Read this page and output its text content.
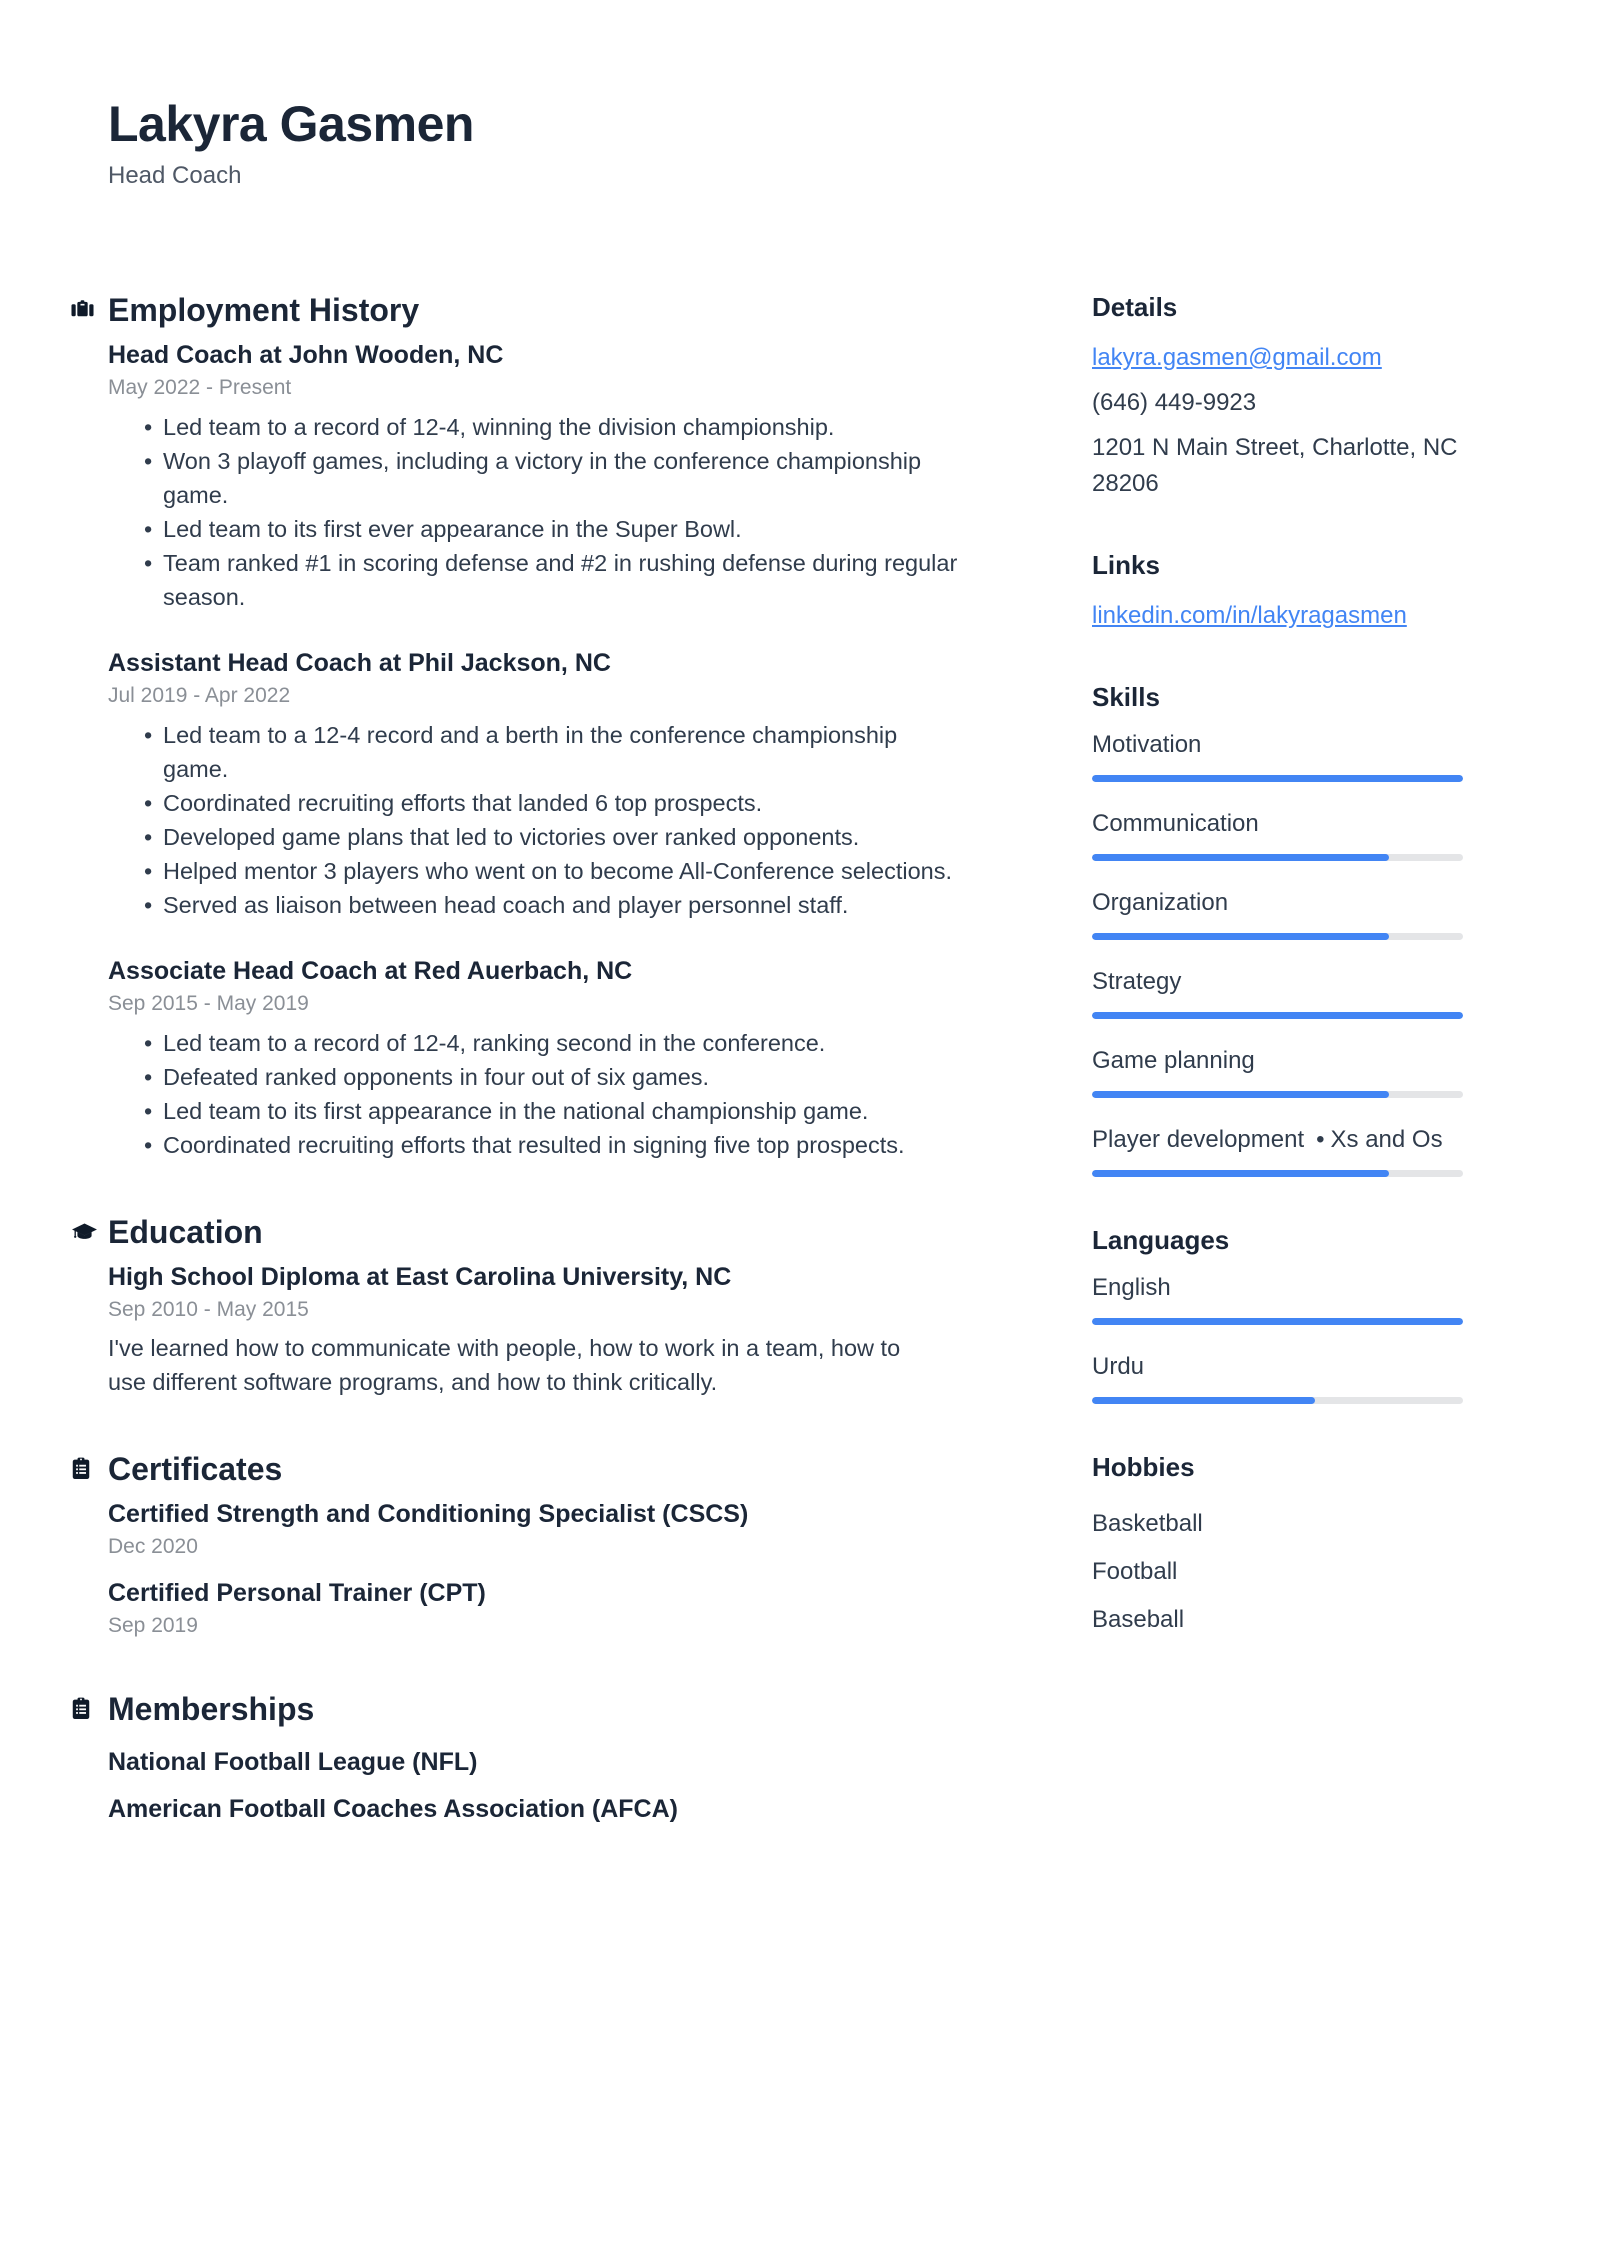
Lakyra Gasmen
Head Coach
Employment History
Head Coach at John Wooden, NC
May 2022 - Present
• Led team to a record of 12-4, winning the division championship.
• Won 3 playoff games, including a victory in the conference championship game.
• Led team to its first ever appearance in the Super Bowl.
• Team ranked #1 in scoring defense and #2 in rushing defense during regular season.
Assistant Head Coach at Phil Jackson, NC
Jul 2019 - Apr 2022
• Led team to a 12-4 record and a berth in the conference championship game.
• Coordinated recruiting efforts that landed 6 top prospects.
• Developed game plans that led to victories over ranked opponents.
• Helped mentor 3 players who went on to become All-Conference selections.
• Served as liaison between head coach and player personnel staff.
Associate Head Coach at Red Auerbach, NC
Sep 2015 - May 2019
• Led team to a record of 12-4, ranking second in the conference.
• Defeated ranked opponents in four out of six games.
• Led team to its first appearance in the national championship game.
• Coordinated recruiting efforts that resulted in signing five top prospects.
Education
High School Diploma at East Carolina University, NC
Sep 2010 - May 2015

I've learned how to communicate with people, how to work in a team, how to use different software programs, and how to think critically.

Certificates
Certified Strength and Conditioning Specialist (CSCS)
Dec 2020
Certified Personal Trainer (CPT)
Sep 2019
Memberships
National Football League (NFL)
American Football Coaches Association (AFCA)
Details
lakyra.gasmen@gmail.com
(646) 449-9923
1201 N Main Street, Charlotte, NC 28206
Links
linkedin.com/in/lakyragasmen
Skills
Motivation
Communication
Organization
Strategy
Game planning
Player development • Xs and Os
Languages
English
Urdu
Hobbies
Basketball
Football
Baseball
